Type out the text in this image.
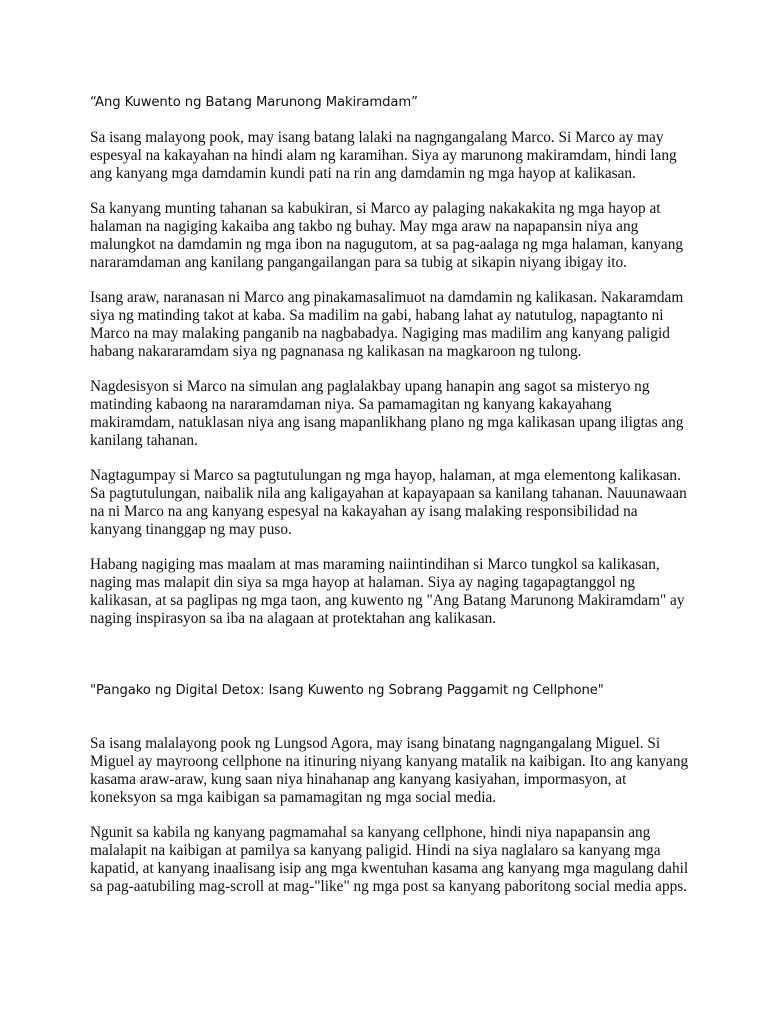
“Ang Kuwento ng Batang Marunong Makiramdam”

Sa isang malayong pook, may isang batang lalaki na nagngangalang Marco. Si Marco ay may espesyal na kakayahan na hindi alam ng karamihan. Siya ay marunong makiramdam, hindi lang ang kanyang mga damdamin kundi pati na rin ang damdamin ng mga hayop at kalikasan.

Sa kanyang munting tahanan sa kabukiran, si Marco ay palaging nakakakita ng mga hayop at halaman na nagiging kakaiba ang takbo ng buhay. May mga araw na napapansin niya ang malungkot na damdamin ng mga ibon na nagugutom, at sa pag-aalaga ng mga halaman, kanyang nararamdaman ang kanilang pangangailangan para sa tubig at sikapin niyang ibigay ito.

Isang araw, naranasan ni Marco ang pinakamasalimuot na damdamin ng kalikasan. Nakaramdam siya ng matinding takot at kaba. Sa madilim na gabi, habang lahat ay natutulog, napagtanto ni Marco na may malaking panganib na nagbabadya. Nagiging mas madilim ang kanyang paligid habang nakararamdam siya ng pagnanasa ng kalikasan na magkaroon ng tulong.

Nagdesisyon si Marco na simulan ang paglalakbay upang hanapin ang sagot sa misteryo ng matinding kabaong na nararamdaman niya. Sa pamamagitan ng kanyang kakayahang makiramdam, natuklasan niya ang isang mapanlikhang plano ng mga kalikasan upang iligtas ang kanilang tahanan.

Nagtagumpay si Marco sa pagtutulungan ng mga hayop, halaman, at mga elementong kalikasan. Sa pagtutulungan, naibalik nila ang kaligayahan at kapayapaan sa kanilang tahanan. Nauunawaan na ni Marco na ang kanyang espesyal na kakayahan ay isang malaking responsibilidad na kanyang tinanggap ng may puso.

Habang nagiging mas maalam at mas maraming naiintindihan si Marco tungkol sa kalikasan, naging mas malapit din siya sa mga hayop at halaman. Siya ay naging tagapagtanggol ng kalikasan, at sa paglipas ng mga taon, ang kuwento ng "Ang Batang Marunong Makiramdam" ay naging inspirasyon sa iba na alagaan at protektahan ang kalikasan.

"Pangako ng Digital Detox: Isang Kuwento ng Sobrang Paggamit ng Cellphone"

Sa isang malalayong pook ng Lungsod Agora, may isang binatang nagngangalang Miguel. Si Miguel ay mayroong cellphone na itinuring niyang kanyang matalik na kaibigan. Ito ang kanyang kasama araw-araw, kung saan niya hinahanap ang kanyang kasiyahan, impormasyon, at koneksyon sa mga kaibigan sa pamamagitan ng mga social media.

Ngunit sa kabila ng kanyang pagmamahal sa kanyang cellphone, hindi niya napapansin ang malalapit na kaibigan at pamilya sa kanyang paligid. Hindi na siya naglalaro sa kanyang mga kapatid, at kanyang inaalisang isip ang mga kwentuhan kasama ang kanyang mga magulang dahil sa pag-aatubiling mag-scroll at mag-"like" ng mga post sa kanyang paboritong social media apps.
